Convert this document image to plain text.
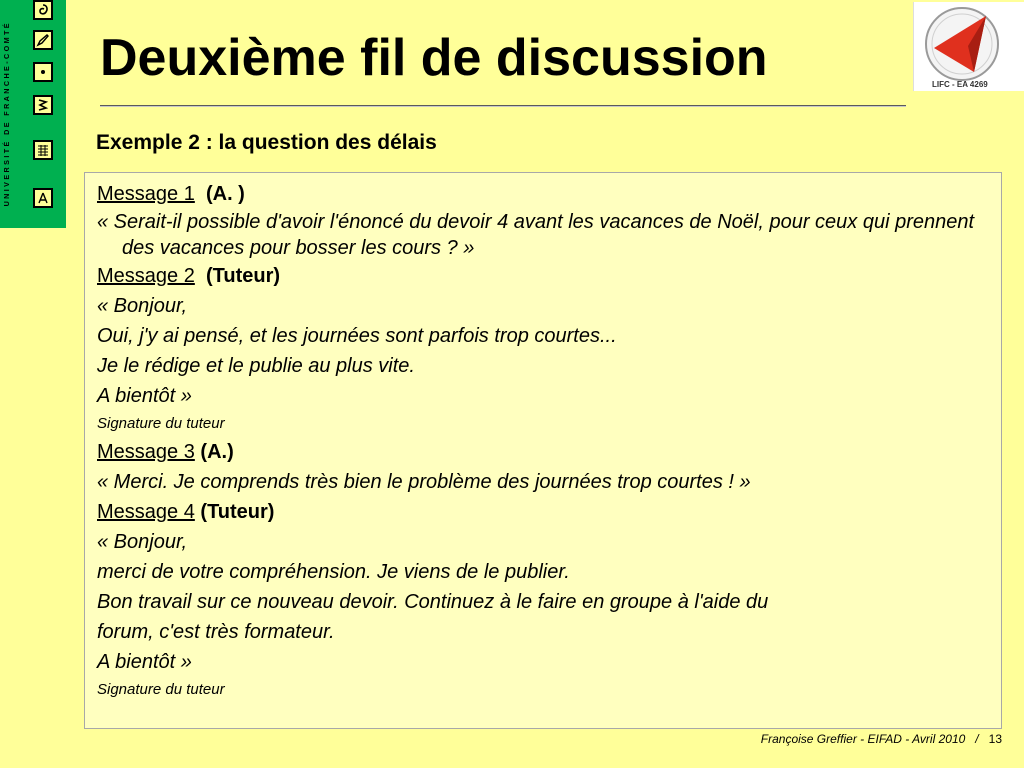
UNIVERSITÉ DE FRANCHE-COMTÉ Deuxième fil de discussion	LIFC - EA 4269
Exemple 2 : la question des délais

Message 1 (A. )

« Serait-il possible d'avoir l'énoncé du devoir 4 avant les vacances de Noël, pour ceux qui prennent des vacances pour bosser les cours ? »

Message 2 (Tuteur)

« Bonjour,

Oui, j'y ai pensé, et les journées sont parfois trop courtes...

Je le rédige et le publie au plus vite.

A bientôt »

Signature du tuteur

Message 3 (A.)

« Merci. Je comprends très bien le problème des journées trop courtes ! »

Message 4 (Tuteur)

« Bonjour,

merci de votre compréhension. Je viens de le publier.

Bon travail sur ce nouveau devoir. Continuez à le faire en groupe à l'aide du

forum, c'est très formateur.

A bientôt »

Signature du tuteur

Françoise Greffier - EIFAD - Avril 2010 / 13
